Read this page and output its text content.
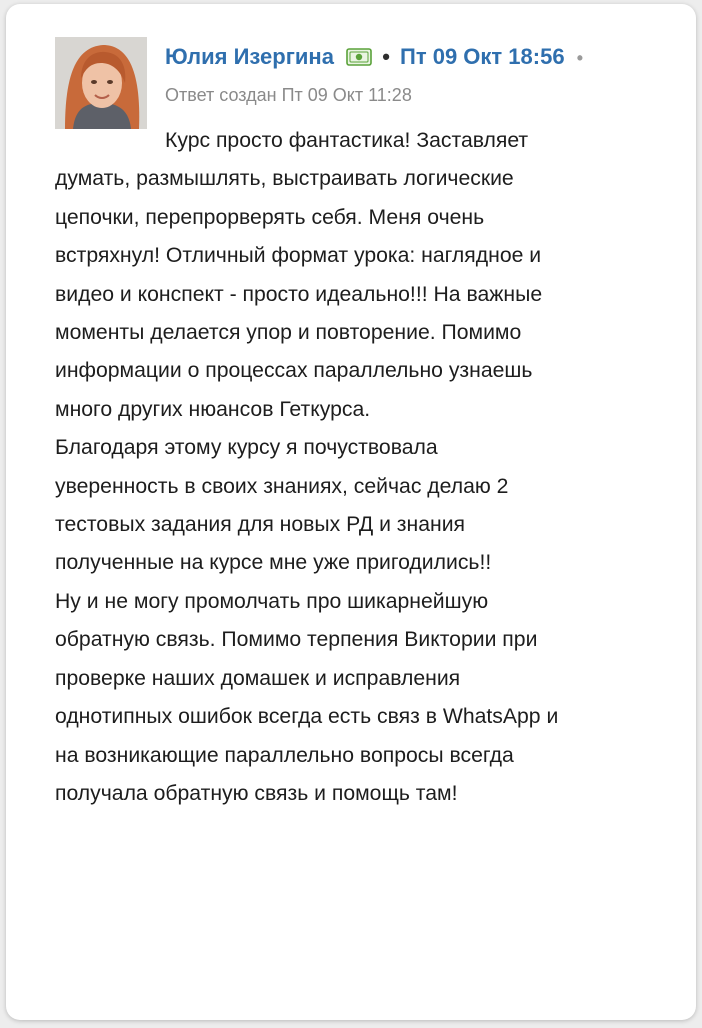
Юлия Изергина • Пт 09 Окт 18:56 •
Ответ создан Пт 09 Окт 11:28

Курс просто фантастика! Заставляет

думать, размышлять, выстраивать логические

цепочки, перепрорверять себя. Меня очень

встряхнул! Отличный формат урока: наглядное и

видео и конспект - просто идеально!!! На важные

моменты делается упор и повторение. Помимо

информации о процессах параллельно узнаешь

много других нюансов Геткурса.

Благодаря этому курсу я почуствовала

уверенность в своих знаниях, сейчас делаю 2

тестовых задания для новых РД и знания

полученные на курсе мне уже пригодились!!

Ну и не могу промолчать про шикарнейшую

обратную связь. Помимо терпения Виктории при

проверке наших домашек и исправления

однотипных ошибок всегда есть связ в WhatsApp и

на возникающие параллельно вопросы всегда

получала обратную связь и помощь там!
